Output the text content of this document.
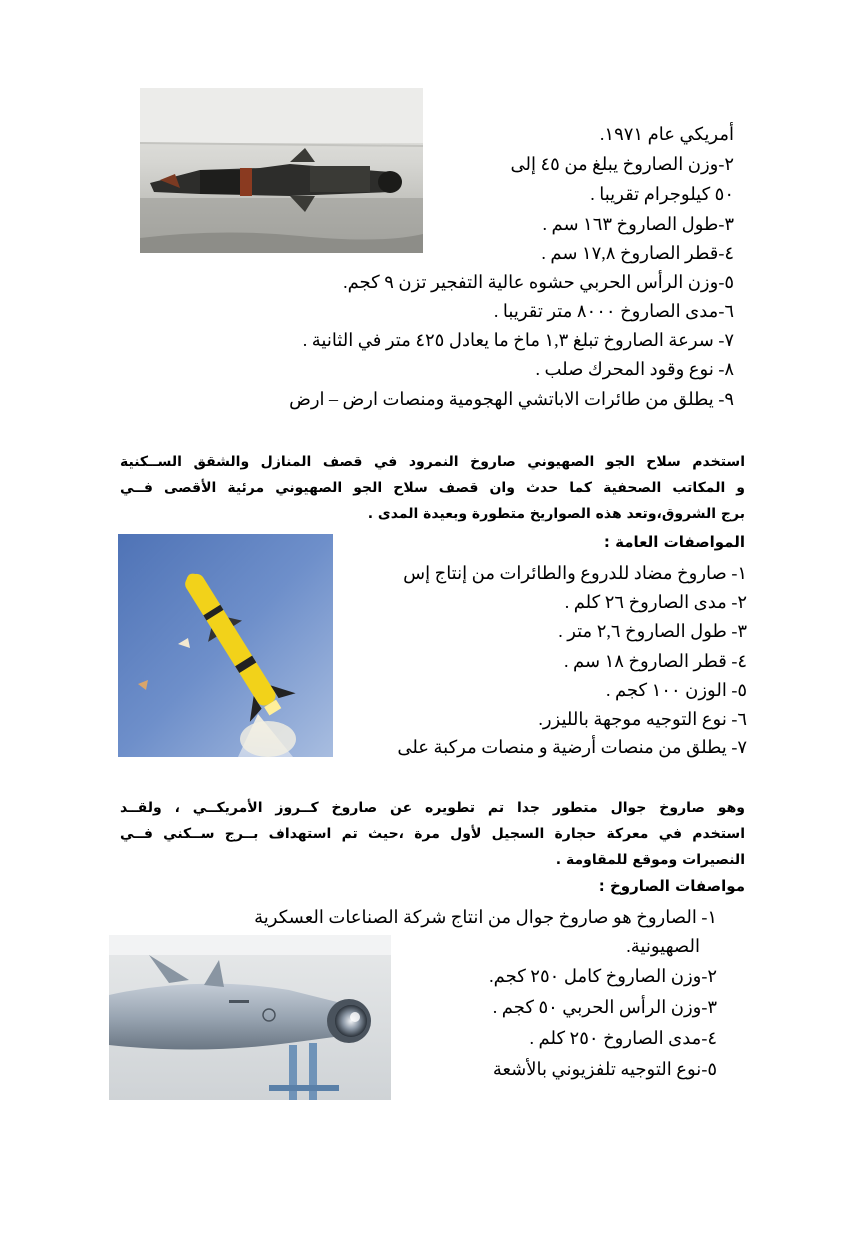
أمريكي عام ١٩٧١.
٢-وزن الصاروخ يبلغ من ٤٥ إلى
٥٠ كيلوجرام تقريبا .
٣-طول الصاروخ ١٦٣ سم .
٤-قطر الصاروخ ١٧,٨ سم .
٥-وزن الرأس الحربي حشوه عالية التفجير تزن ٩ كجم.
٦-مدى الصاروخ ٨٠٠٠ متر تقريبا .
٧- سرعة الصاروخ تبلغ ١,٣ ماخ ما يعادل ٤٢٥ متر في الثانية .
٨- نوع وقود المحرك صلب .
٩- يطلق من طائرات الاباتشي الهجومية ومنصات ارض – ارض
استخدم سلاح الجو الصهيوني صاروخ النمرود في قصف المنازل والشقق الســكنية
و المكاتب الصحفية كما حدث وان قصف سلاح الجو الصهيوني مرئية الأقصى فــي
برج الشروق،وتعد هذه الصواريخ متطورة وبعيدة المدى .
المواصفات العامة :
١- صاروخ مضاد للدروع والطائرات من إنتاج إس
٢- مدى الصاروخ ٢٦ كلم .
٣- طول الصاروخ ٢,٦ متر .
٤- قطر الصاروخ ١٨ سم .
٥- الوزن ١٠٠ كجم .
٦- نوع التوجيه موجهة بالليزر.
٧- يطلق من منصات أرضية و منصات مركبة على
وهو صاروخ جوال متطور جدا تم تطويره عن صاروخ كــروز الأمريكــي ، ولقــد
استخدم في معركة حجارة السجيل لأول مرة ،حيث تم استهداف بــرج ســكني فــي
النصيرات وموقع للمقاومة .
مواصفات الصاروخ :
١- الصاروخ هو صاروخ جوال من انتاج شركة الصناعات العسكرية
الصهيونية.
٢-وزن الصاروخ كامل ٢٥٠ كجم.
٣-وزن الرأس الحربي ٥٠ كجم .
٤-مدى الصاروخ ٢٥٠ كلم .
٥-نوع التوجيه تلفزيوني بالأشعة
